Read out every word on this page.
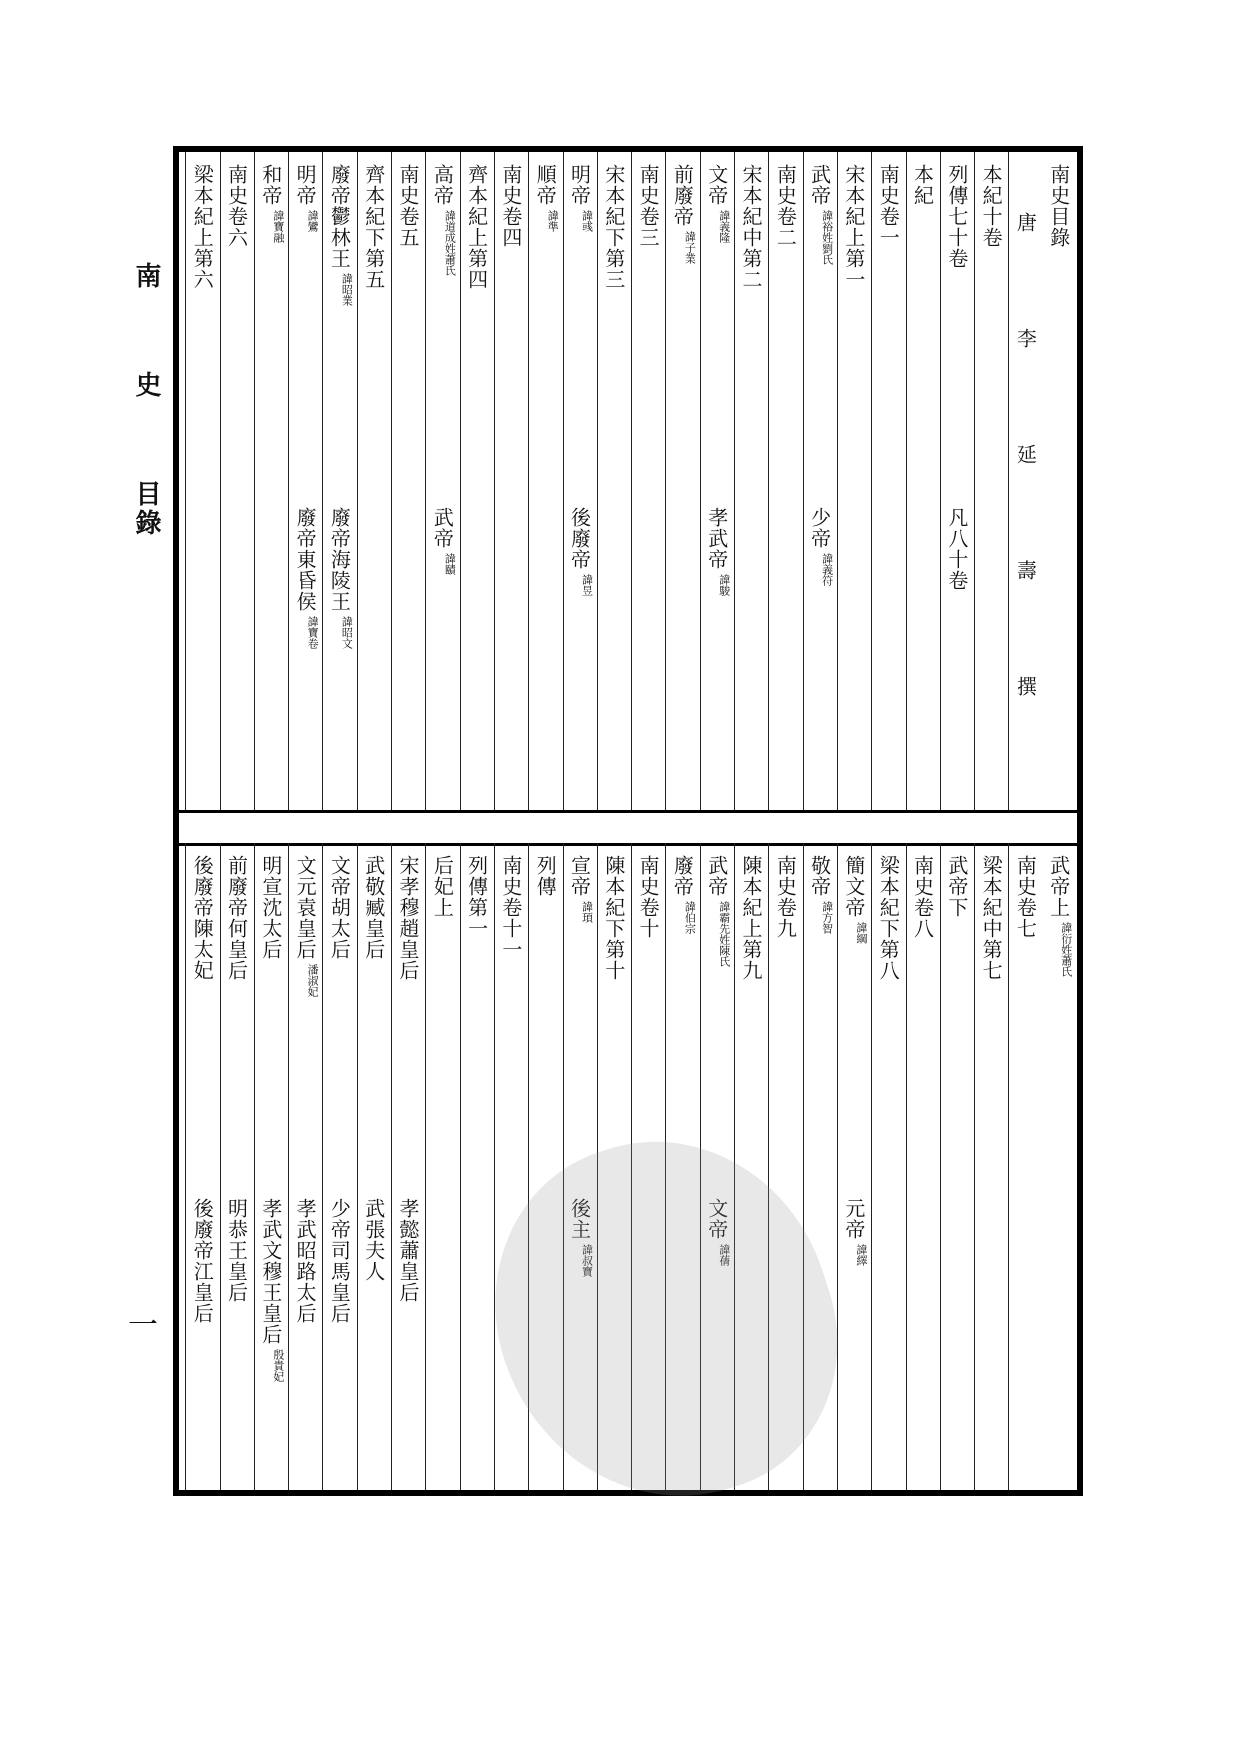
南史目錄
一
南史目錄
唐　李　延　壽　撰
本紀十卷
列傳七十卷
凡八十卷
本紀
南史卷一
宋本紀上第一
武帝諱裕姓劉氏
少帝諱義符
南史卷二
宋本紀中第二
文帝諱義隆
孝武帝諱駿
前廢帝諱子業
南史卷三
宋本紀下第三
明帝諱彧
後廢帝諱昱
順帝諱準
南史卷四
齊本紀上第四
高帝諱道成姓蕭氏
武帝諱賾
南史卷五
齊本紀下第五
廢帝鬱林王諱昭業
廢帝海陵王諱昭文
明帝諱鸞
廢帝東昏侯諱寶卷
和帝諱寶融
南史卷六
梁本紀上第六
武帝上諱衍姓蕭氏
南史卷七
梁本紀中第七
武帝下
南史卷八
梁本紀下第八
簡文帝諱綱
元帝諱繹
敬帝諱方智
南史卷九
陳本紀上第九
武帝諱霸先姓陳氏
文帝諱蒨
廢帝諱伯宗
南史卷十
陳本紀下第十
宣帝諱頊
後主諱叔寶
列傳
南史卷十一
列傳第一
后妃上
宋孝穆趙皇后
孝懿蕭皇后
武敬臧皇后
武張夫人
文帝胡太后
少帝司馬皇后
文元袁皇后潘淑妃
孝武昭路太后
明宣沈太后
孝武文穆王皇后殷貴妃
前廢帝何皇后
明恭王皇后
後廢帝陳太妃
後廢帝江皇后
